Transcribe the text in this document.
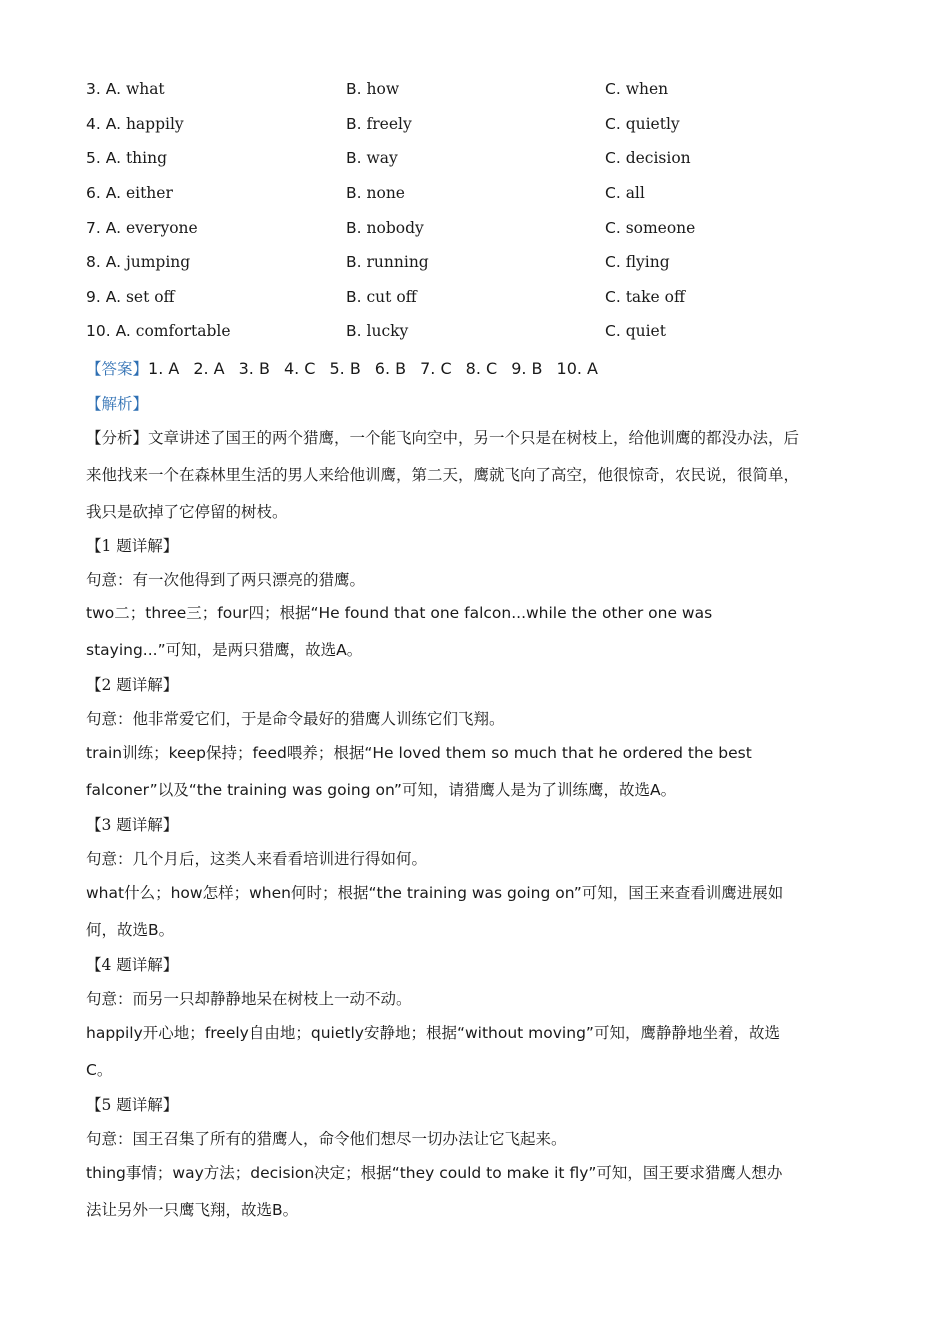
3. A. what	B. how	C. when
4. A. happily	B. freely	C. quietly
5. A. thing	B. way	C. decision
6. A. either	B. none	C. all
7. A. everyone	B. nobody	C. someone
8. A. jumping	B. running	C. flying
9. A. set off	B. cut off	C. take off
10. A. comfortable	B. lucky	C. quiet
【答案】1. A 2. A 3. B 4. C 5. B 6. B 7. C 8. C 9. B 10. A
【解析】
【分析】文章讲述了国王的两个猎鹰，一个能飞向空中，另一个只是在树枝上，给他训鹰的都没办法，后
来他找来一个在森林里生活的男人来给他训鹰，第二天，鹰就飞向了高空，他很惊奇，农民说，很简单，
我只是砍掉了它停留的树枝。
【1 题详解】
句意：有一次他得到了两只漂亮的猎鹰。
two二；three三；four四；根据“He found that one falcon...while the other one was
staying...”可知，是两只猎鹰，故选A。
【2 题详解】
句意：他非常爱它们，于是命令最好的猎鹰人训练它们飞翔。
train训练；keep保持；feed喂养；根据“He loved them so much that he ordered the best
falconer”以及“the training was going on”可知，请猎鹰人是为了训练鹰，故选A。
【3 题详解】
句意：几个月后，这类人来看看培训进行得如何。
what什么；how怎样；when何时；根据“the training was going on”可知，国王来查看训鹰进展如
何，故选B。
【4 题详解】
句意：而另一只却静静地呆在树枝上一动不动。
happily开心地；freely自由地；quietly安静地；根据“without moving”可知，鹰静静地坐着，故选
C。
【5 题详解】
句意：国王召集了所有的猎鹰人，命令他们想尽一切办法让它飞起来。
thing事情；way方法；decision决定；根据“they could to make it fly”可知，国王要求猎鹰人想办
法让另外一只鹰飞翔，故选B。
